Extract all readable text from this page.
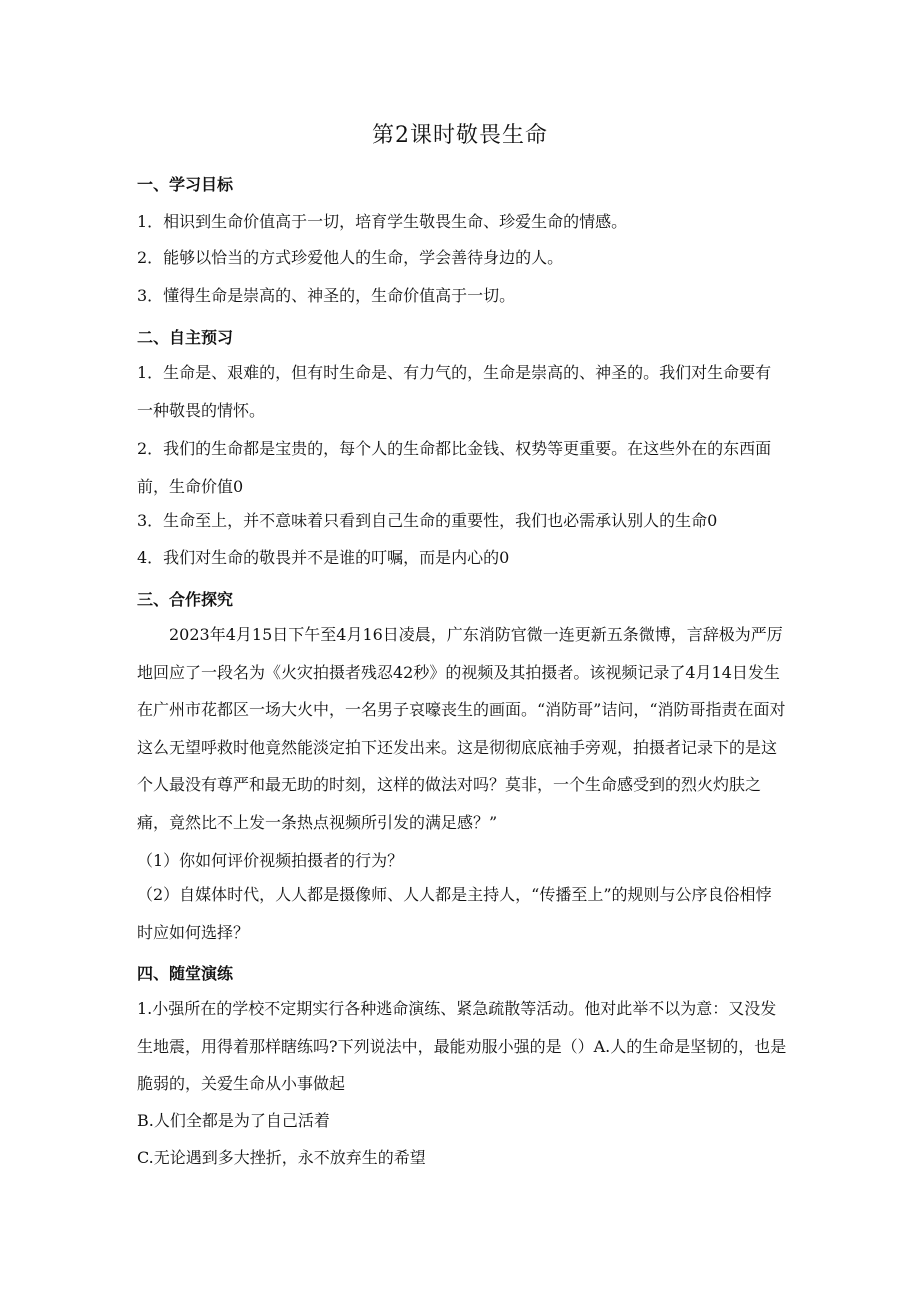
第2课时敬畏生命
一、学习目标
1．相识到生命价值高于一切，培育学生敬畏生命、珍爱生命的情感。
2．能够以恰当的方式珍爱他人的生命，学会善待身边的人。
3．懂得生命是崇高的、神圣的，生命价值高于一切。
二、自主预习
1．生命是、艰难的，但有时生命是、有力气的，生命是崇高的、神圣的。我们对生命要有一种敬畏的情怀。
2．我们的生命都是宝贵的，每个人的生命都比金钱、权势等更重要。在这些外在的东西面前，生命价值0
3．生命至上，并不意味着只看到自己生命的重要性，我们也必需承认别人的生命0
4．我们对生命的敬畏并不是谁的叮嘱，而是内心的0
三、合作探究
2023年4月15日下午至4月16日凌晨，广东消防官微一连更新五条微博，言辞极为严厉地回应了一段名为《火灾拍摄者残忍42秒》的视频及其拍摄者。该视频记录了4月14日发生在广州市花都区一场大火中，一名男子哀嚎丧生的画面。“消防哥”诘问，“消防哥指责在面对这么无望呼救时他竟然能淡定拍下还发出来。这是彻彻底底袖手旁观，拍摄者记录下的是这个人最没有尊严和最无助的时刻，这样的做法对吗？莫非，一个生命感受到的烈火灼肤之痛，竟然比不上发一条热点视频所引发的满足感？”
（1）你如何评价视频拍摄者的行为？
（2）自媒体时代，人人都是摄像师、人人都是主持人，“传播至上”的规则与公序良俗相悖时应如何选择？
四、随堂演练
1.小强所在的学校不定期实行各种逃命演练、紧急疏散等活动。他对此举不以为意：又没发生地震，用得着那样瞎练吗?下列说法中，最能劝服小强的是（）A.人的生命是坚韧的，也是脆弱的，关爱生命从小事做起
B.人们全都是为了自己活着
C.无论遇到多大挫折，永不放弃生的希望
